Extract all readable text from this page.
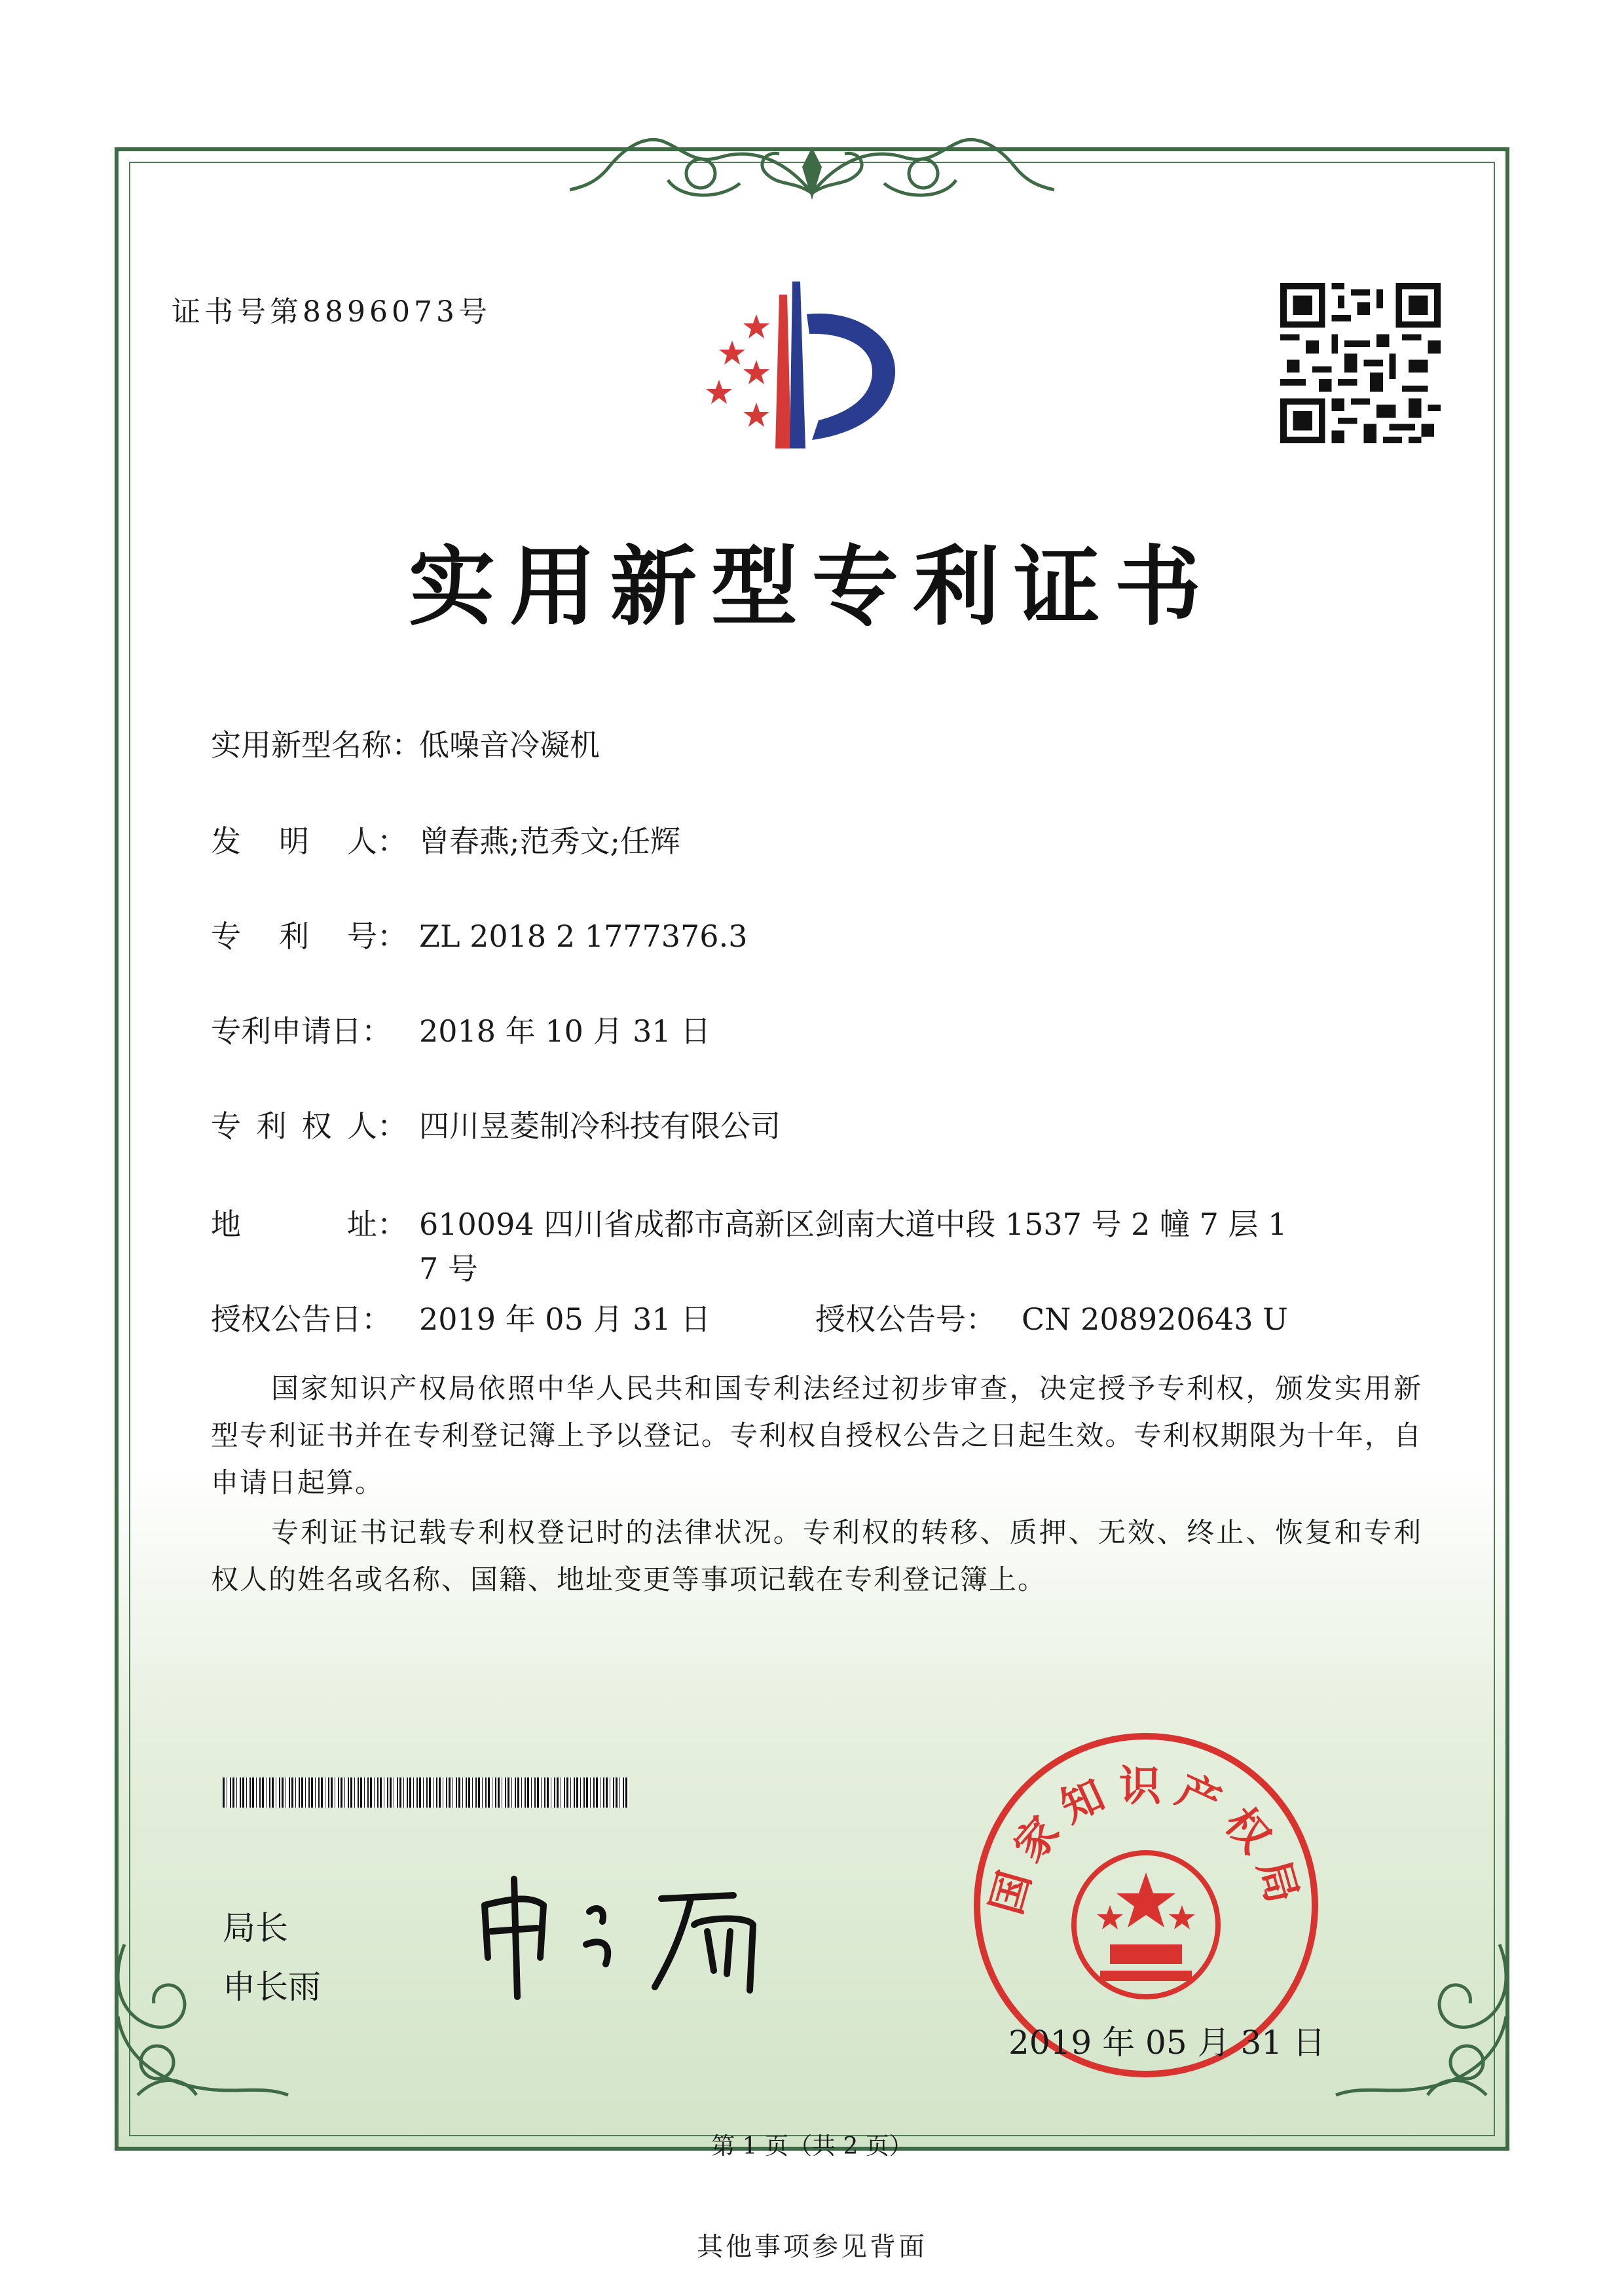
证书号第8896073号
实用新型专利证书
实用新型名称：
低噪音冷凝机
发 明 人： 曾春燕;范秀文;任辉
专 利 号： ZL 2018 2 1777376.3
专利申请日： 2018 年 10 月 31 日
专 利 权 人： 四川昱菱制冷科技有限公司
地	址： 610094 四川省成都市高新区剑南大道中段 1537 号 2 幢 7 层 1
7 号
授权公告日： 2019 年 05 月 31 日	授权公告号： CN 208920643 U
国家知识产权局依照中华人民共和国专利法经过初步审查，决定授予专利权，颁发实用新型专利证书并在专利登记簿上予以登记。专利权自授权公告之日起生效。专利权期限为十年，自申请日起算。
专利证书记载专利权登记时的法律状况。专利权的转移、质押、无效、终止、恢复和专利权人的姓名或名称、国籍、地址变更等事项记载在专利登记簿上。
局长
申长雨
国家知识产权局
2019 年 05 月 31 日
第 1 页（共 2 页）
其他事项参见背面
